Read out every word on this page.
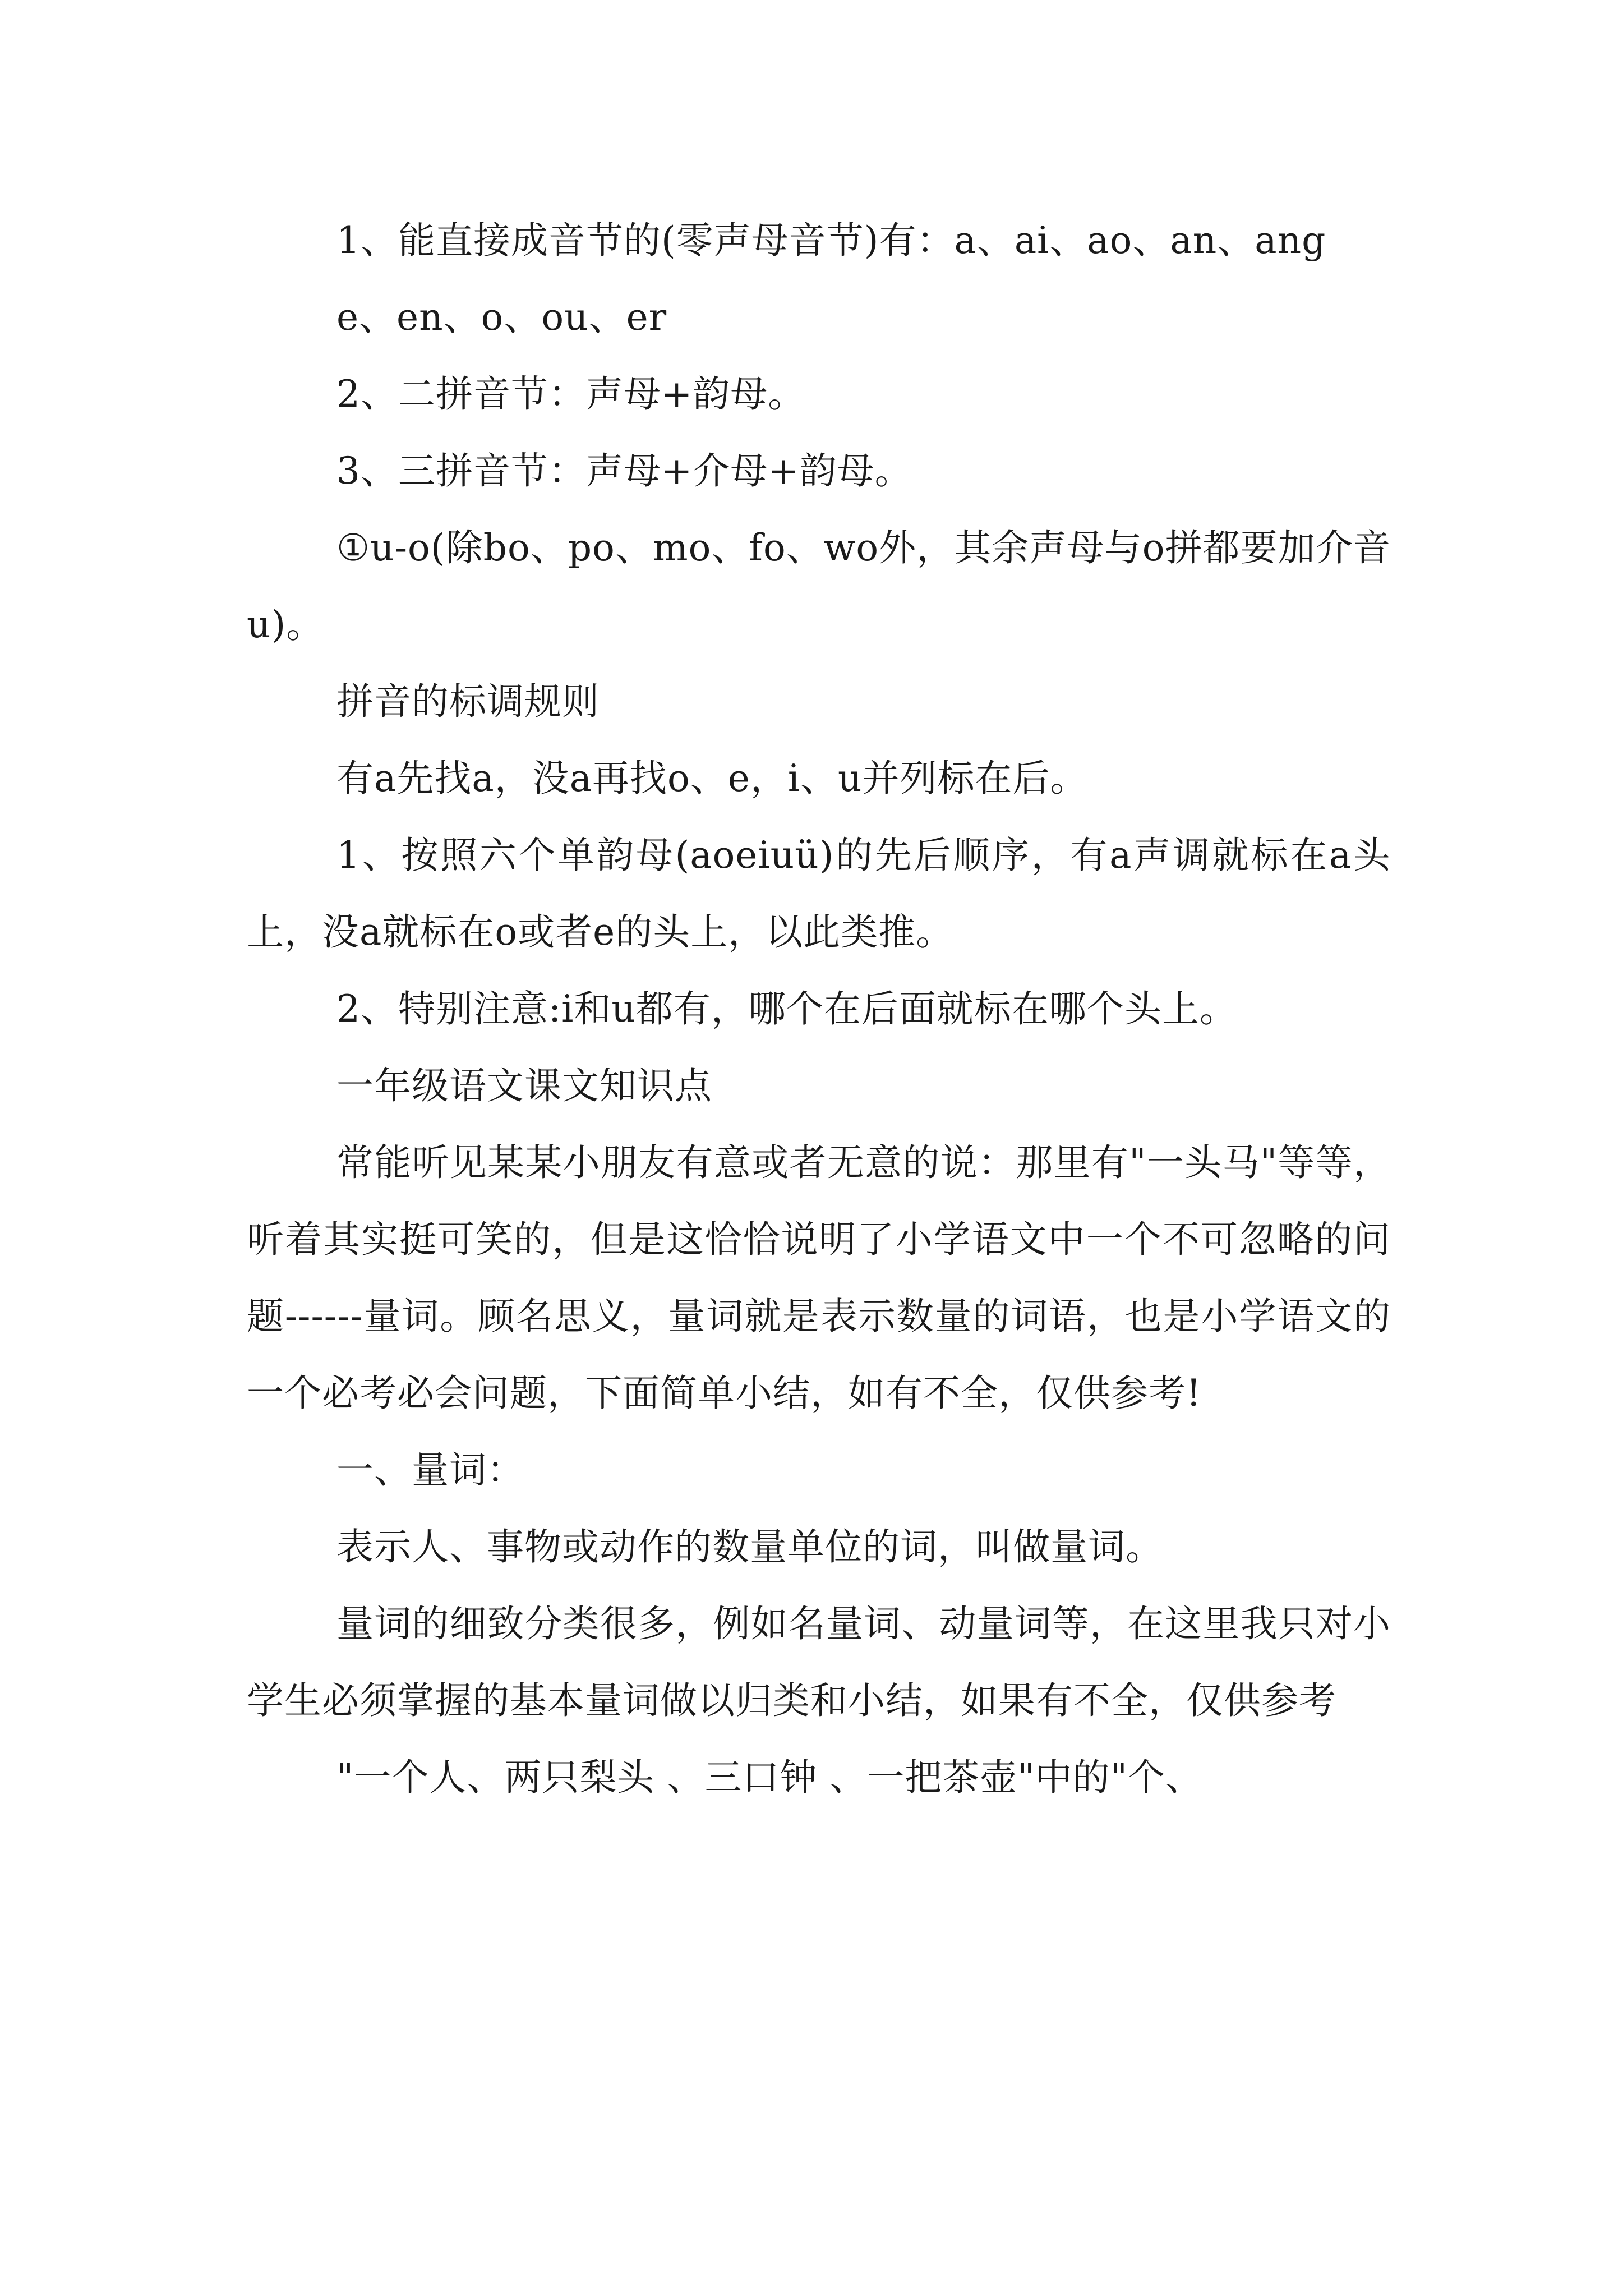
1、能直接成音节的(零声母音节)有：a、ai、ao、an、ang

e、en、o、ou、er

2、二拼音节：声母+韵母。

3、三拼音节：声母+介母+韵母。

①u-o(除bo、po、mo、fo、wo外，其余声母与o拼都要加介音u)。

拼音的标调规则

有a先找a，没a再找o、e，i、u并列标在后。

1、按照六个单韵母(aoeiuü)的先后顺序，有a声调就标在a头上，没a就标在o或者e的头上，以此类推。

2、特别注意:i和u都有，哪个在后面就标在哪个头上。

一年级语文课文知识点

常能听见某某小朋友有意或者无意的说：那里有"一头马"等等，听着其实挺可笑的，但是这恰恰说明了小学语文中一个不可忽略的问题------量词。顾名思义，量词就是表示数量的词语，也是小学语文的一个必考必会问题，下面简单小结，如有不全，仅供参考!

一、量词：

表示人、事物或动作的数量单位的词，叫做量词。

量词的细致分类很多，例如名量词、动量词等，在这里我只对小学生必须掌握的基本量词做以归类和小结，如果有不全，仅供参考

"一个人、两只梨头 、三口钟 、一把茶壶"中的"个、
